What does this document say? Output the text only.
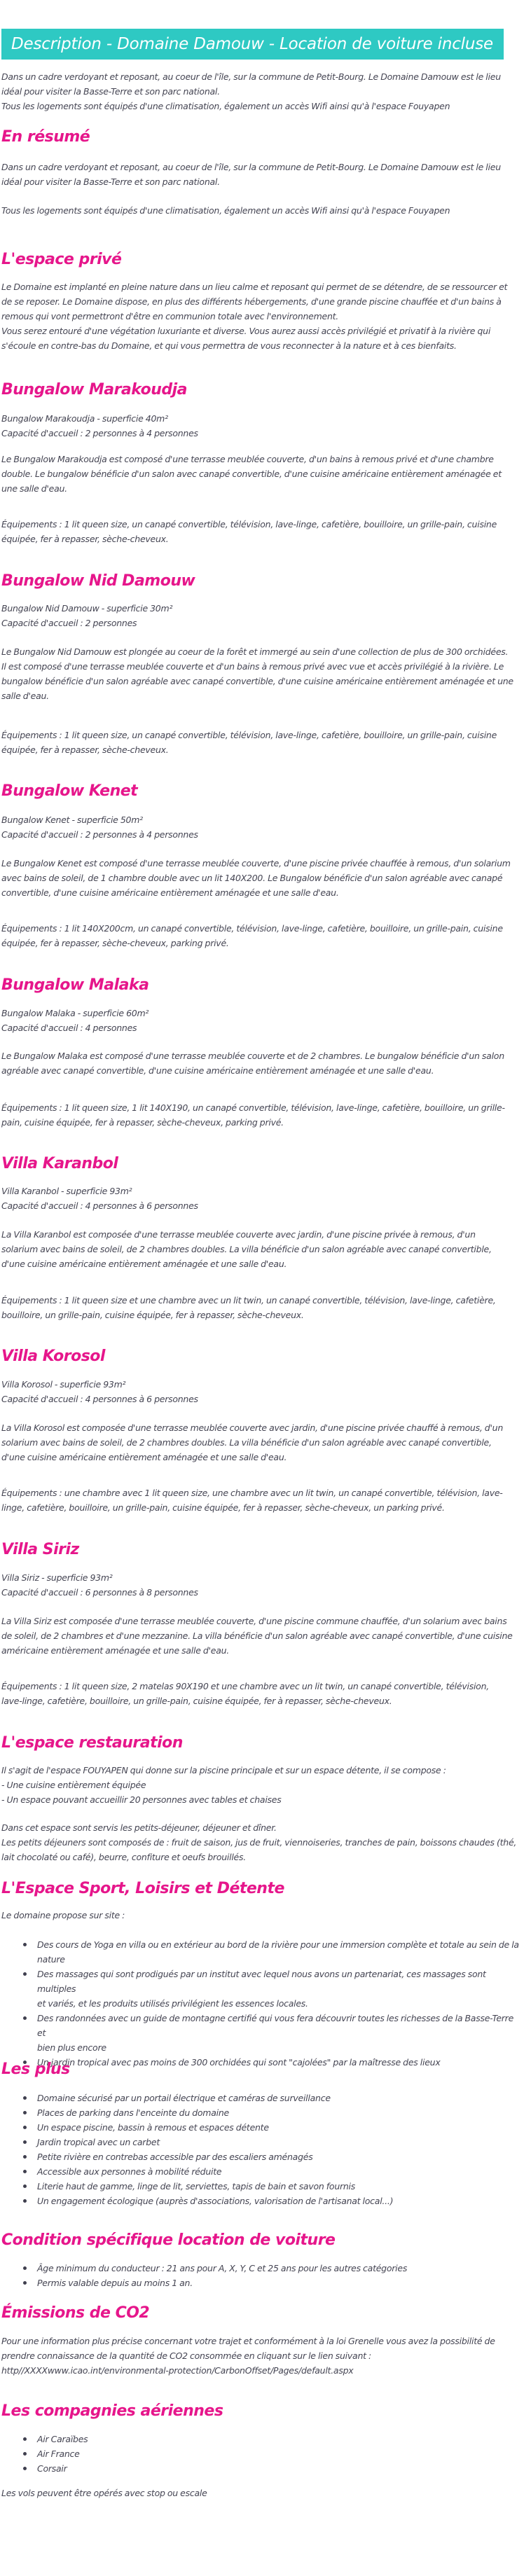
Description - Domaine Damouw - Location de voiture incluse
Dans un cadre verdoyant et reposant, au coeur de l'île, sur la commune de Petit-Bourg. Le Domaine Damouw est le lieu
idéal pour visiter la Basse-Terre et son parc national.
Tous les logements sont équipés d'une climatisation, également un accès Wifi ainsi qu'à l'espace Fouyapen
En résumé
Dans un cadre verdoyant et reposant, au coeur de l'île, sur la commune de Petit-Bourg. Le Domaine Damouw est le lieu
idéal pour visiter la Basse-Terre et son parc national.
Tous les logements sont équipés d'une climatisation, également un accès Wifi ainsi qu'à l'espace Fouyapen
L'espace privé
Le Domaine est implanté en pleine nature dans un lieu calme et reposant qui permet de se détendre, de se ressourcer et
de se reposer. Le Domaine dispose, en plus des différents hébergements, d'une grande piscine chauffée et d'un bains à
remous qui vont permettront d'être en communion totale avec l'environnement.
Vous serez entouré d'une végétation luxuriante et diverse. Vous aurez aussi accès privilégié et privatif à la rivière qui
s'écoule en contre-bas du Domaine, et qui vous permettra de vous reconnecter à la nature et à ces bienfaits.
Bungalow Marakoudja
Bungalow Marakoudja - superficie 40m²
Capacité d'accueil : 2 personnes à 4 personnes
Le Bungalow Marakoudja est composé d'une terrasse meublée couverte, d'un bains à remous privé et d'une chambre
double. Le bungalow bénéficie d'un salon avec canapé convertible, d'une cuisine américaine entièrement aménagée et
une salle d'eau.
Équipements : 1 lit queen size, un canapé convertible, télévision, lave-linge, cafetière, bouilloire, un grille-pain, cuisine
équipée, fer à repasser, sèche-cheveux.
Bungalow Nid Damouw
Bungalow Nid Damouw - superficie 30m²
Capacité d'accueil : 2 personnes
Le Bungalow Nid Damouw est plongée au coeur de la forêt et immergé au sein d'une collection de plus de 300 orchidées.
Il est composé d'une terrasse meublée couverte et d'un bains à remous privé avec vue et accès privilégié à la rivière. Le
bungalow bénéficie d'un salon agréable avec canapé convertible, d'une cuisine américaine entièrement aménagée et une
salle d'eau.
Équipements : 1 lit queen size, un canapé convertible, télévision, lave-linge, cafetière, bouilloire, un grille-pain, cuisine
équipée, fer à repasser, sèche-cheveux.
Bungalow Kenet
Bungalow Kenet - superficie 50m²
Capacité d'accueil : 2 personnes à 4 personnes
Le Bungalow Kenet est composé d'une terrasse meublée couverte, d'une piscine privée chauffée à remous, d'un solarium
avec bains de soleil, de 1 chambre double avec un lit 140X200. Le Bungalow bénéficie d'un salon agréable avec canapé
convertible, d'une cuisine américaine entièrement aménagée et une salle d'eau.
Équipements : 1 lit 140X200cm, un canapé convertible, télévision, lave-linge, cafetière, bouilloire, un grille-pain, cuisine
équipée, fer à repasser, sèche-cheveux, parking privé.
Bungalow Malaka
Bungalow Malaka - superficie 60m²
Capacité d'accueil : 4 personnes
Le Bungalow Malaka est composé d'une terrasse meublée couverte et de 2 chambres. Le bungalow bénéficie d'un salon
agréable avec canapé convertible, d'une cuisine américaine entièrement aménagée et une salle d'eau.
Équipements : 1 lit queen size, 1 lit 140X190, un canapé convertible, télévision, lave-linge, cafetière, bouilloire, un grille-
pain, cuisine équipée, fer à repasser, sèche-cheveux, parking privé.
Villa Karanbol
Villa Karanbol - superficie 93m²
Capacité d'accueil : 4 personnes à 6 personnes
La Villa Karanbol est composée d'une terrasse meublée couverte avec jardin, d'une piscine privée à remous, d'un
solarium avec bains de soleil, de 2 chambres doubles. La villa bénéficie d'un salon agréable avec canapé convertible,
d'une cuisine américaine entièrement aménagée et une salle d'eau.
Équipements : 1 lit queen size et une chambre avec un lit twin, un canapé convertible, télévision, lave-linge, cafetière,
bouilloire, un grille-pain, cuisine équipée, fer à repasser, sèche-cheveux.
Villa Korosol
Villa Korosol - superficie 93m²
Capacité d'accueil : 4 personnes à 6 personnes
La Villa Korosol est composée d'une terrasse meublée couverte avec jardin, d'une piscine privée chauffé à remous, d'un
solarium avec bains de soleil, de 2 chambres doubles. La villa bénéficie d'un salon agréable avec canapé convertible,
d'une cuisine américaine entièrement aménagée et une salle d'eau.
Équipements : une chambre avec 1 lit queen size, une chambre avec un lit twin, un canapé convertible, télévision, lave-
linge, cafetière, bouilloire, un grille-pain, cuisine équipée, fer à repasser, sèche-cheveux, un parking privé.
Villa Siriz
Villa Siriz - superficie 93m²
Capacité d'accueil : 6 personnes à 8 personnes
La Villa Siriz est composée d'une terrasse meublée couverte, d'une piscine commune chauffée, d'un solarium avec bains
de soleil, de 2 chambres et d'une mezzanine. La villa bénéficie d'un salon agréable avec canapé convertible, d'une cuisine
américaine entièrement aménagée et une salle d'eau.
Équipements : 1 lit queen size, 2 matelas 90X190 et une chambre avec un lit twin, un canapé convertible, télévision,
lave-linge, cafetière, bouilloire, un grille-pain, cuisine équipée, fer à repasser, sèche-cheveux.
L'espace restauration
Il s'agit de l'espace FOUYAPEN qui donne sur la piscine principale et sur un espace détente, il se compose :
- Une cuisine entièrement équipée
- Un espace pouvant accueillir 20 personnes avec tables et chaises
Dans cet espace sont servis les petits-déjeuner, déjeuner et dîner.
Les petits déjeuners sont composés de : fruit de saison, jus de fruit, viennoiseries, tranches de pain, boissons chaudes (thé,
lait chocolaté ou café), beurre, confiture et oeufs brouillés.
L'Espace Sport, Loisirs et Détente
Le domaine propose sur site :
Des cours de Yoga en villa ou en extérieur au bord de la rivière pour une immersion complète et totale au sein de la
nature
Des massages qui sont prodigués par un institut avec lequel nous avons un partenariat, ces massages sont multiples
et variés, et les produits utilisés privilégient les essences locales.
Des randonnées avec un guide de montagne certifié qui vous fera découvrir toutes les richesses de la Basse-Terre et
bien plus encore
Un jardin tropical avec pas moins de 300 orchidées qui sont "cajolées" par la maîtresse des lieux
Les plus
Domaine sécurisé par un portail électrique et caméras de surveillance
Places de parking dans l'enceinte du domaine
Un espace piscine, bassin à remous et espaces détente
Jardin tropical avec un carbet
Petite rivière en contrebas accessible par des escaliers aménagés
Accessible aux personnes à mobilité réduite
Literie haut de gamme, linge de lit, serviettes, tapis de bain et savon fournis
Un engagement écologique (auprès d'associations, valorisation de l'artisanat local...)
Condition spécifique location de voiture
Âge minimum du conducteur : 21 ans pour A, X, Y, C et 25 ans pour les autres catégories
Permis valable depuis au moins 1 an.
Émissions de CO2
Pour une information plus précise concernant votre trajet et conformément à la loi Grenelle vous avez la possibilité de
prendre connaissance de la quantité de CO2 consommée en cliquant sur le lien suivant :
http//XXXXwww.icao.int/environmental-protection/CarbonOffset/Pages/default.aspx
Les compagnies aériennes
Air Caraïbes
Air France
Corsair
Les vols peuvent être opérés avec stop ou escale
